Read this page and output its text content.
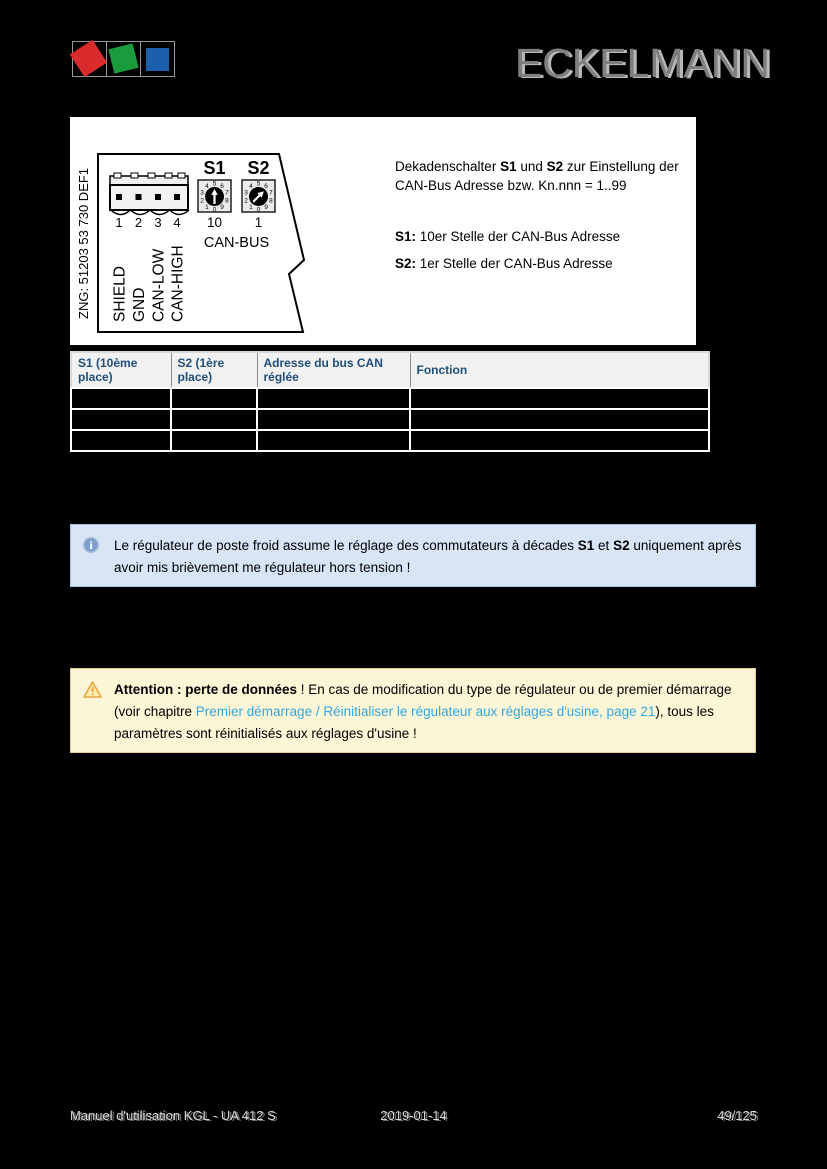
ECKELMANN
ZNG: 51203 53 730 DEF1 1 2 3 4
SHIELD GND CAN-LOW CAN-HIGH
S1
0
1
2
3
4 5 6
7
8
9
S2
0
1
2
3
4 5 6
7
8
9
10 1
CAN-BUS
Dekadenschalter S1 und S2 zur Einstellung der CAN-Bus Adresse bzw. Kn.nnn = 1..99
S1: 10er Stelle der CAN-Bus Adresse
S2: 1er Stelle der CAN-Bus Adresse
S1 (10ème place)	S2 (1ère place)	Adresse du bus CAN réglée	Fonction

i	Le régulateur de poste froid assume le réglage des commutateurs à décades S1 et S2 uniquement après avoir mis brièvement me régulateur hors tension !
Attention : perte de données ! En cas de modification du type de régulateur ou de premier démarrage (voir chapitre Premier démarrage / Réinitialiser le régulateur aux réglages d'usine, page 21), tous les paramètres sont réinitialisés aux réglages d'usine !
Manuel d'utilisation KGL - UA 412 S	2019-01-14	49/125
